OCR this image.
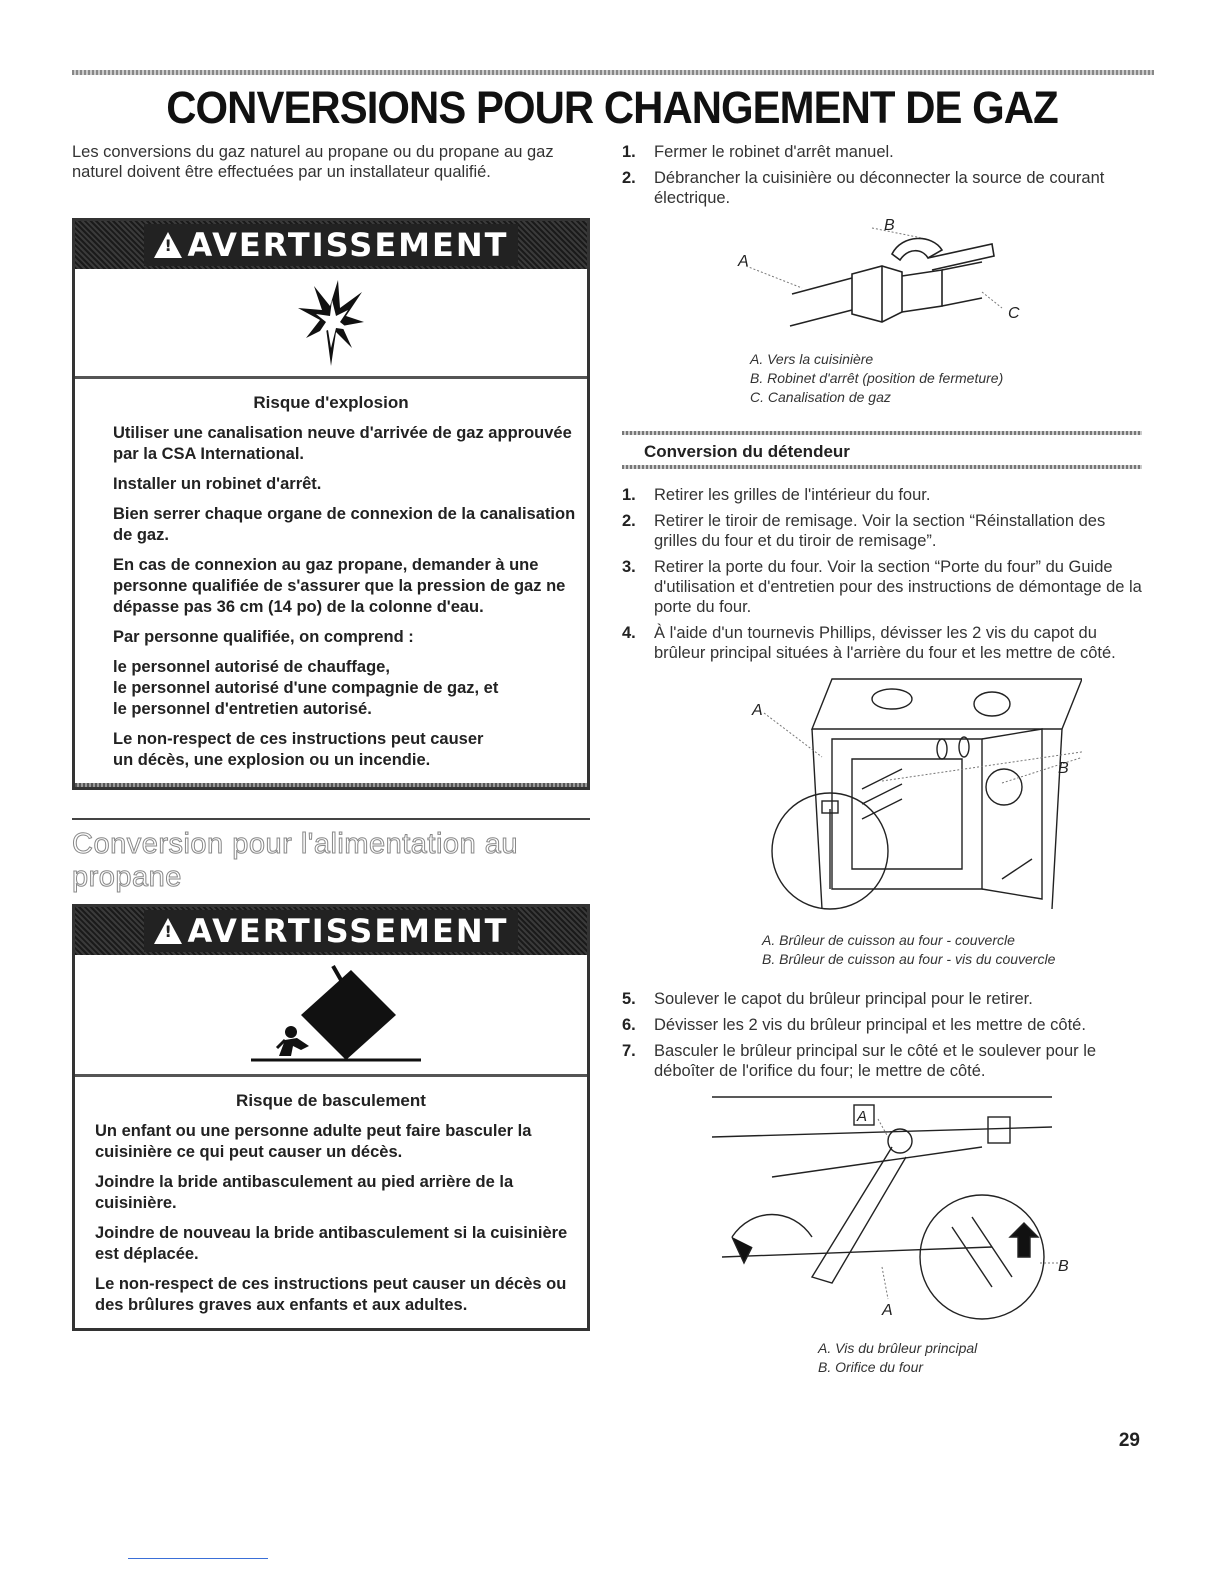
CONVERSIONS POUR CHANGEMENT DE GAZ

Les conversions du gaz naturel au propane ou du propane au gaz naturel doivent être effectuées par un installateur qualifié.

! AVERTISSEMENT
Risque d'explosion

Utiliser une canalisation neuve d'arrivée de gaz approuvée par la CSA International.

Installer un robinet d'arrêt.

Bien serrer chaque organe de connexion de la canalisation de gaz.

En cas de connexion au gaz propane, demander à une personne qualifiée de s'assurer que la pression de gaz ne dépasse pas 36 cm (14 po) de la colonne d'eau.

Par personne qualifiée, on comprend :

le personnel autorisé de chauffage,

le personnel autorisé d'une compagnie de gaz, et

le personnel d'entretien autorisé.

Le non-respect de ces instructions peut causer

un décès, une explosion ou un incendie.

Conversion pour l'alimentation au propane
! AVERTISSEMENT
Risque de basculement

Un enfant ou une personne adulte peut faire basculer la cuisinière ce qui peut causer un décès.

Joindre la bride antibasculement au pied arrière de la cuisinière.

Joindre de nouveau la bride antibasculement si la cuisinière est déplacée.

Le non-respect de ces instructions peut causer un décès ou des brûlures graves aux enfants et aux adultes.

1.	Fermer le robinet d'arrêt manuel.
2.	Débrancher la cuisinière ou déconnecter la source de courant électrique.
B
A
C
A. Vers la cuisinière
B. Robinet d'arrêt (position de fermeture)
C. Canalisation de gaz
Conversion du détendeur
1.	Retirer les grilles de l'intérieur du four.
2.	Retirer le tiroir de remisage. Voir la section “Réinstallation des grilles du four et du tiroir de remisage”.
3.	Retirer la porte du four. Voir la section “Porte du four” du Guide d'utilisation et d'entretien pour des instructions de démontage de la porte du four.
4.	À l'aide d'un tournevis Phillips, dévisser les 2 vis du capot du brûleur principal situées à l'arrière du four et les mettre de côté.
A
B
A. Brûleur de cuisson au four - couvercle
B. Brûleur de cuisson au four - vis du couvercle
5.	Soulever le capot du brûleur principal pour le retirer.
6.	Dévisser les 2 vis du brûleur principal et les mettre de côté.
7.	Basculer le brûleur principal sur le côté et le soulever pour le déboîter de l'orifice du four; le mettre de côté.
A
A
B
A. Vis du brûleur principal
B. Orifice du four
29
